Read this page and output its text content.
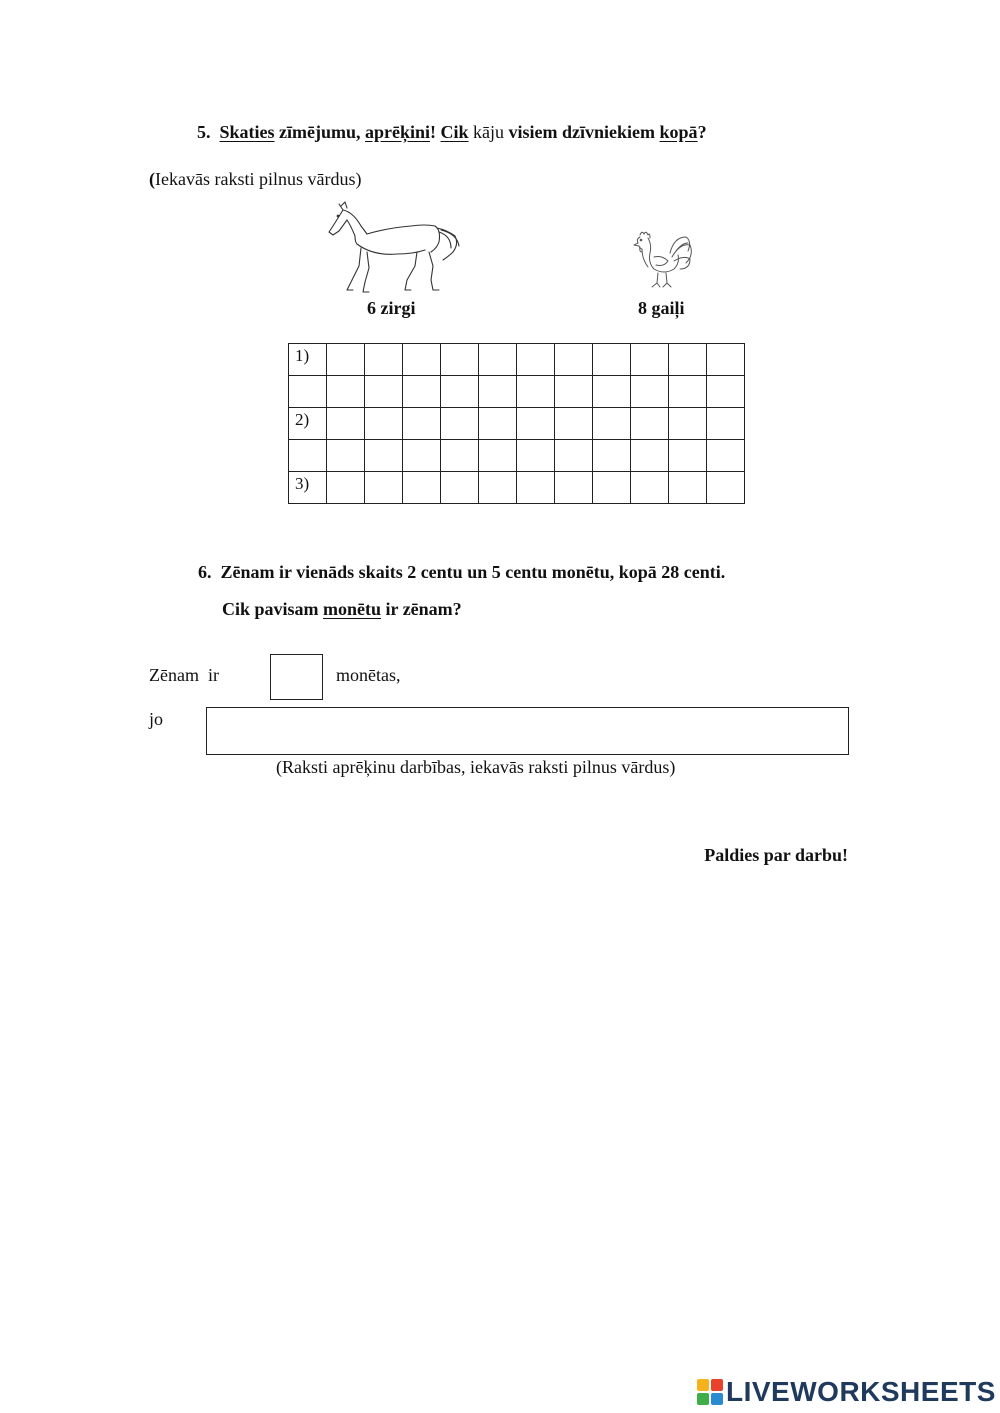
5. Skaties zīmējumu, aprēķini! Cik kāju visiem dzīvniekiem kopā?
(Iekavās raksti pilnus vārdus)
6 zirgi	8 gaiļi
1)											

2)											

3)											
6. Zēnam ir vienāds skaits 2 centu un 5 centu monētu, kopā 28 centi.
Cik pavisam monētu ir zēnam?
Zēnam  ir	monētas,
jo
(Raksti aprēķinu darbības, iekavās raksti pilnus vārdus)
Paldies par darbu!
LIVEWORKSHEETS
